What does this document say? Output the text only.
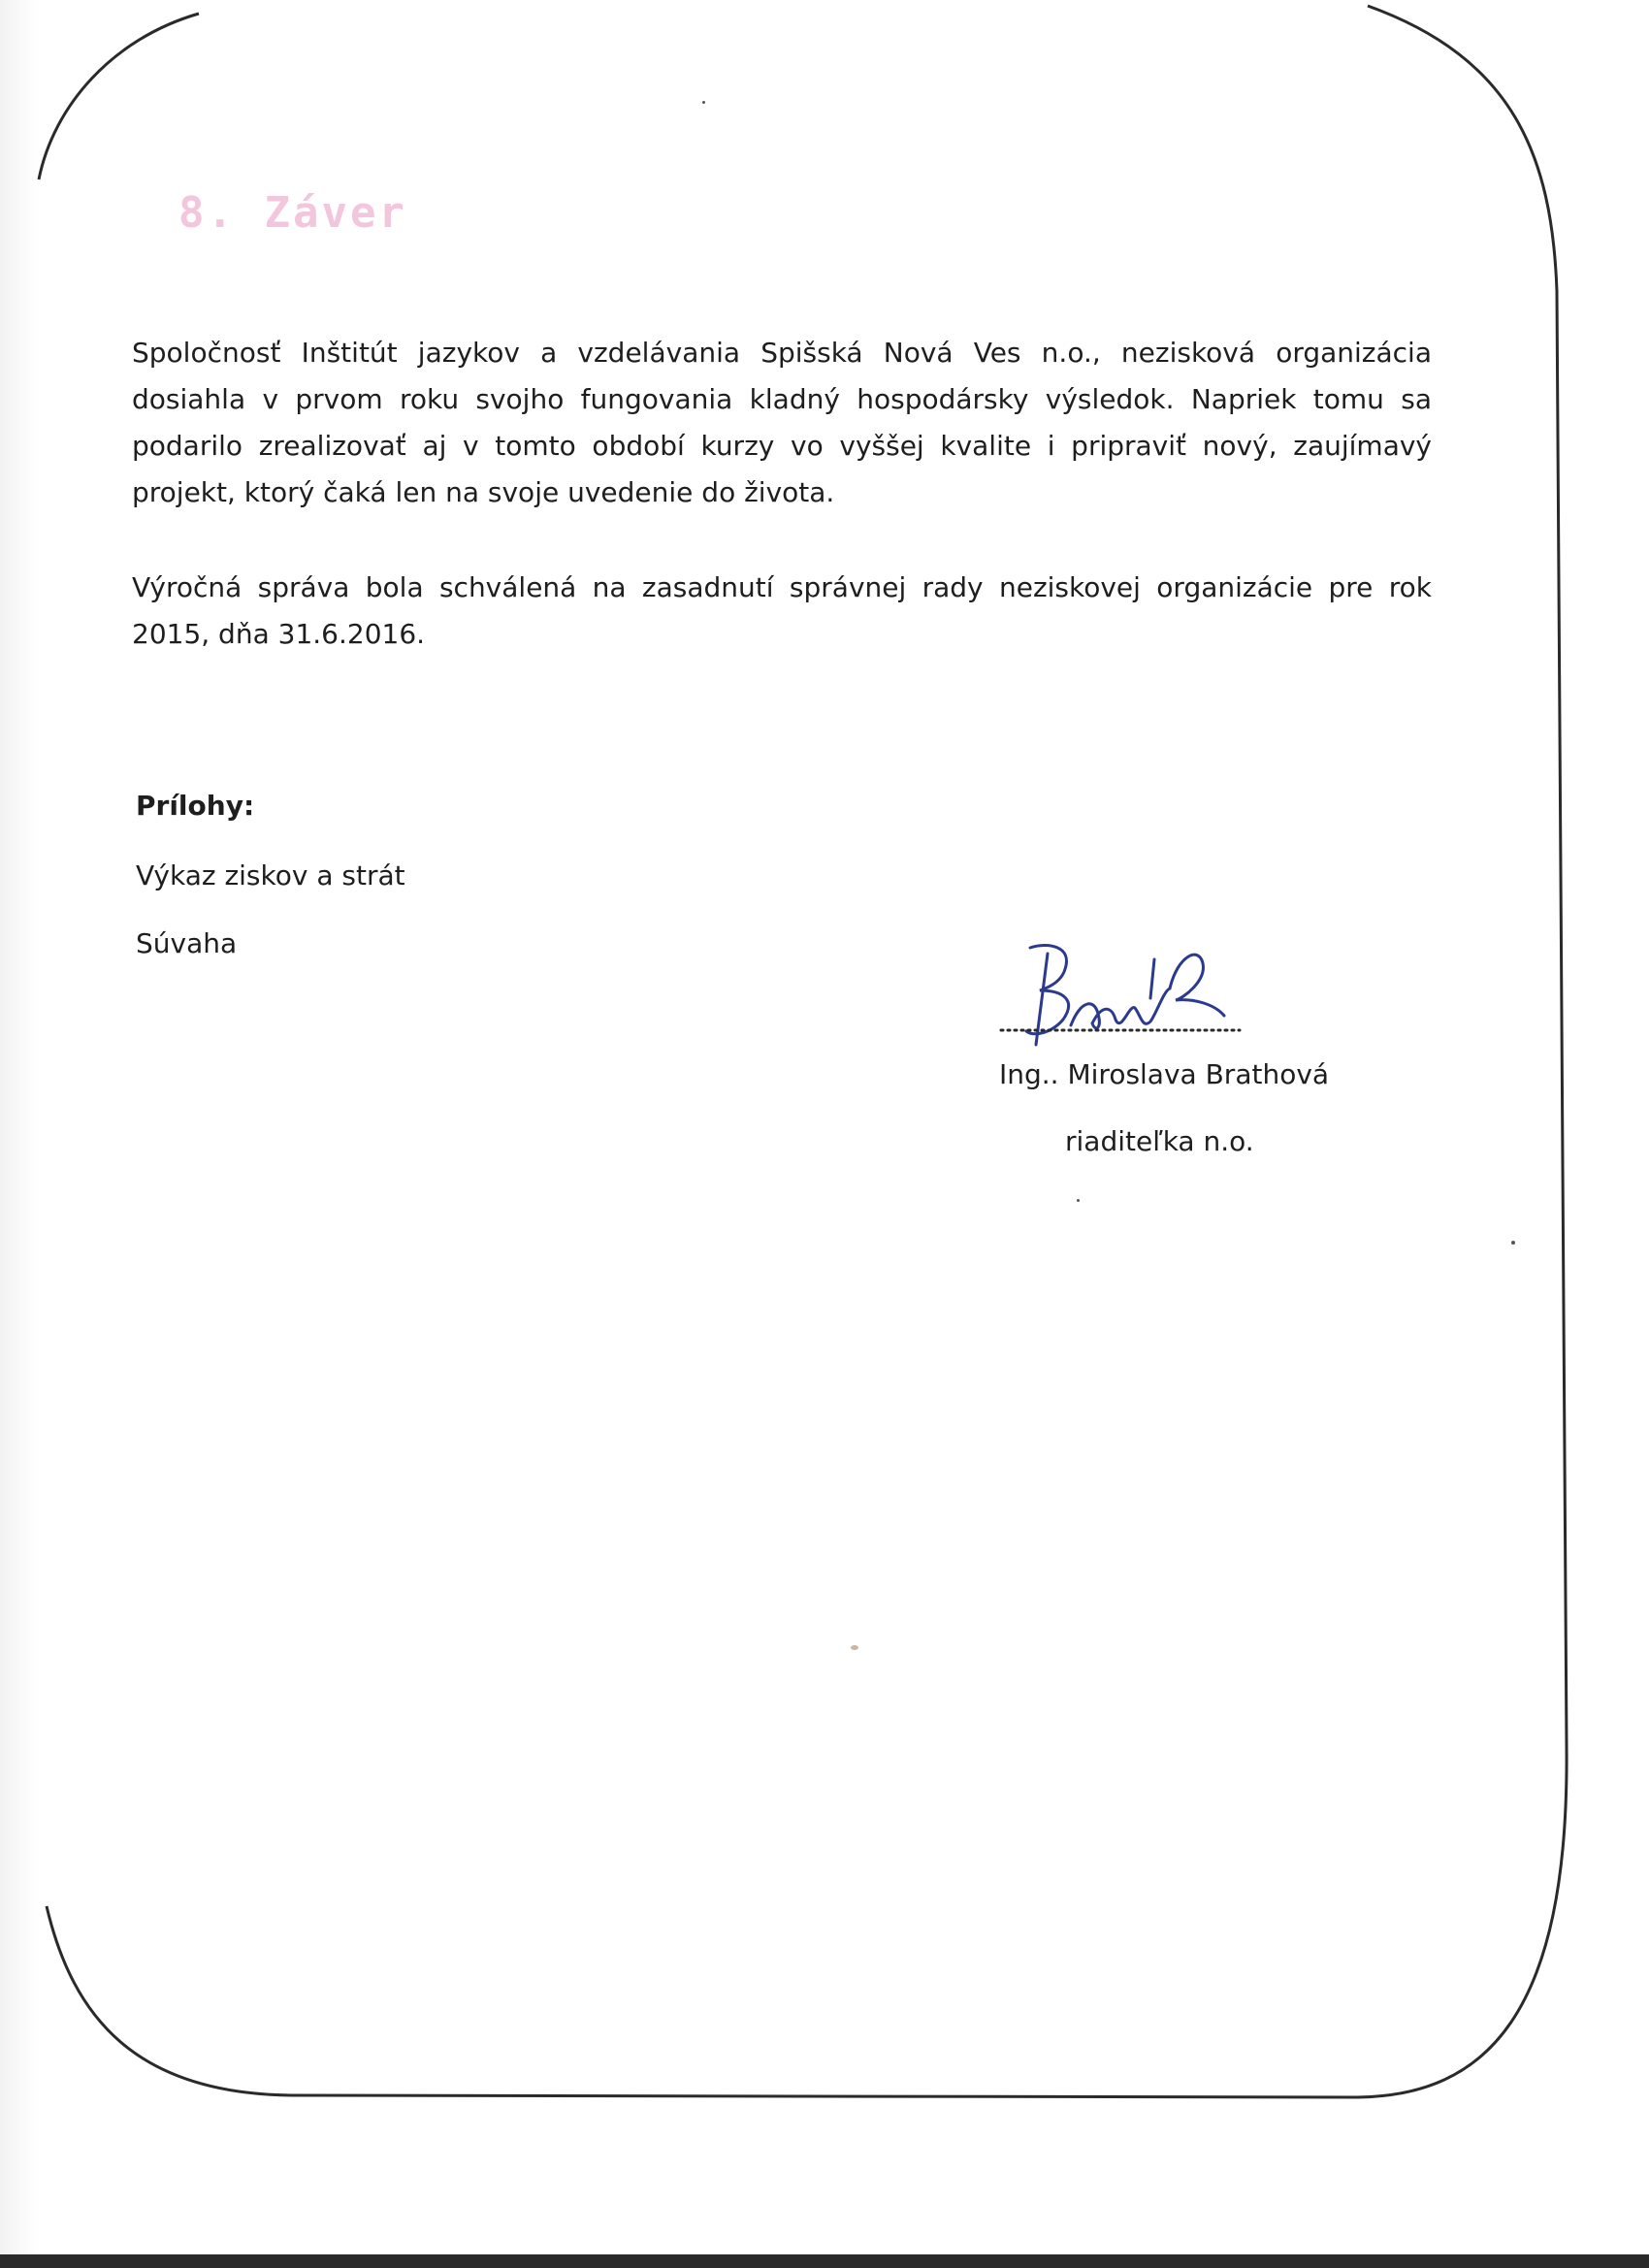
8. Záver

Spoločnosť Inštitút jazykov a vzdelávania Spišská Nová Ves n.o., nezisková organizácia dosiahla v prvom roku svojho fungovania kladný hospodársky výsledok. Napriek tomu sa podarilo zrealizovať aj v tomto období kurzy vo vyššej kvalite i pripraviť nový, zaujímavý projekt, ktorý čaká len na svoje uvedenie do života.

Výročná správa bola schválená na zasadnutí správnej rady neziskovej organizácie pre rok 2015, dňa 31.6.2016.

Prílohy:
Výkaz ziskov a strát
Súvaha
Ing.. Miroslava Brathová
riaditeľka n.o.
